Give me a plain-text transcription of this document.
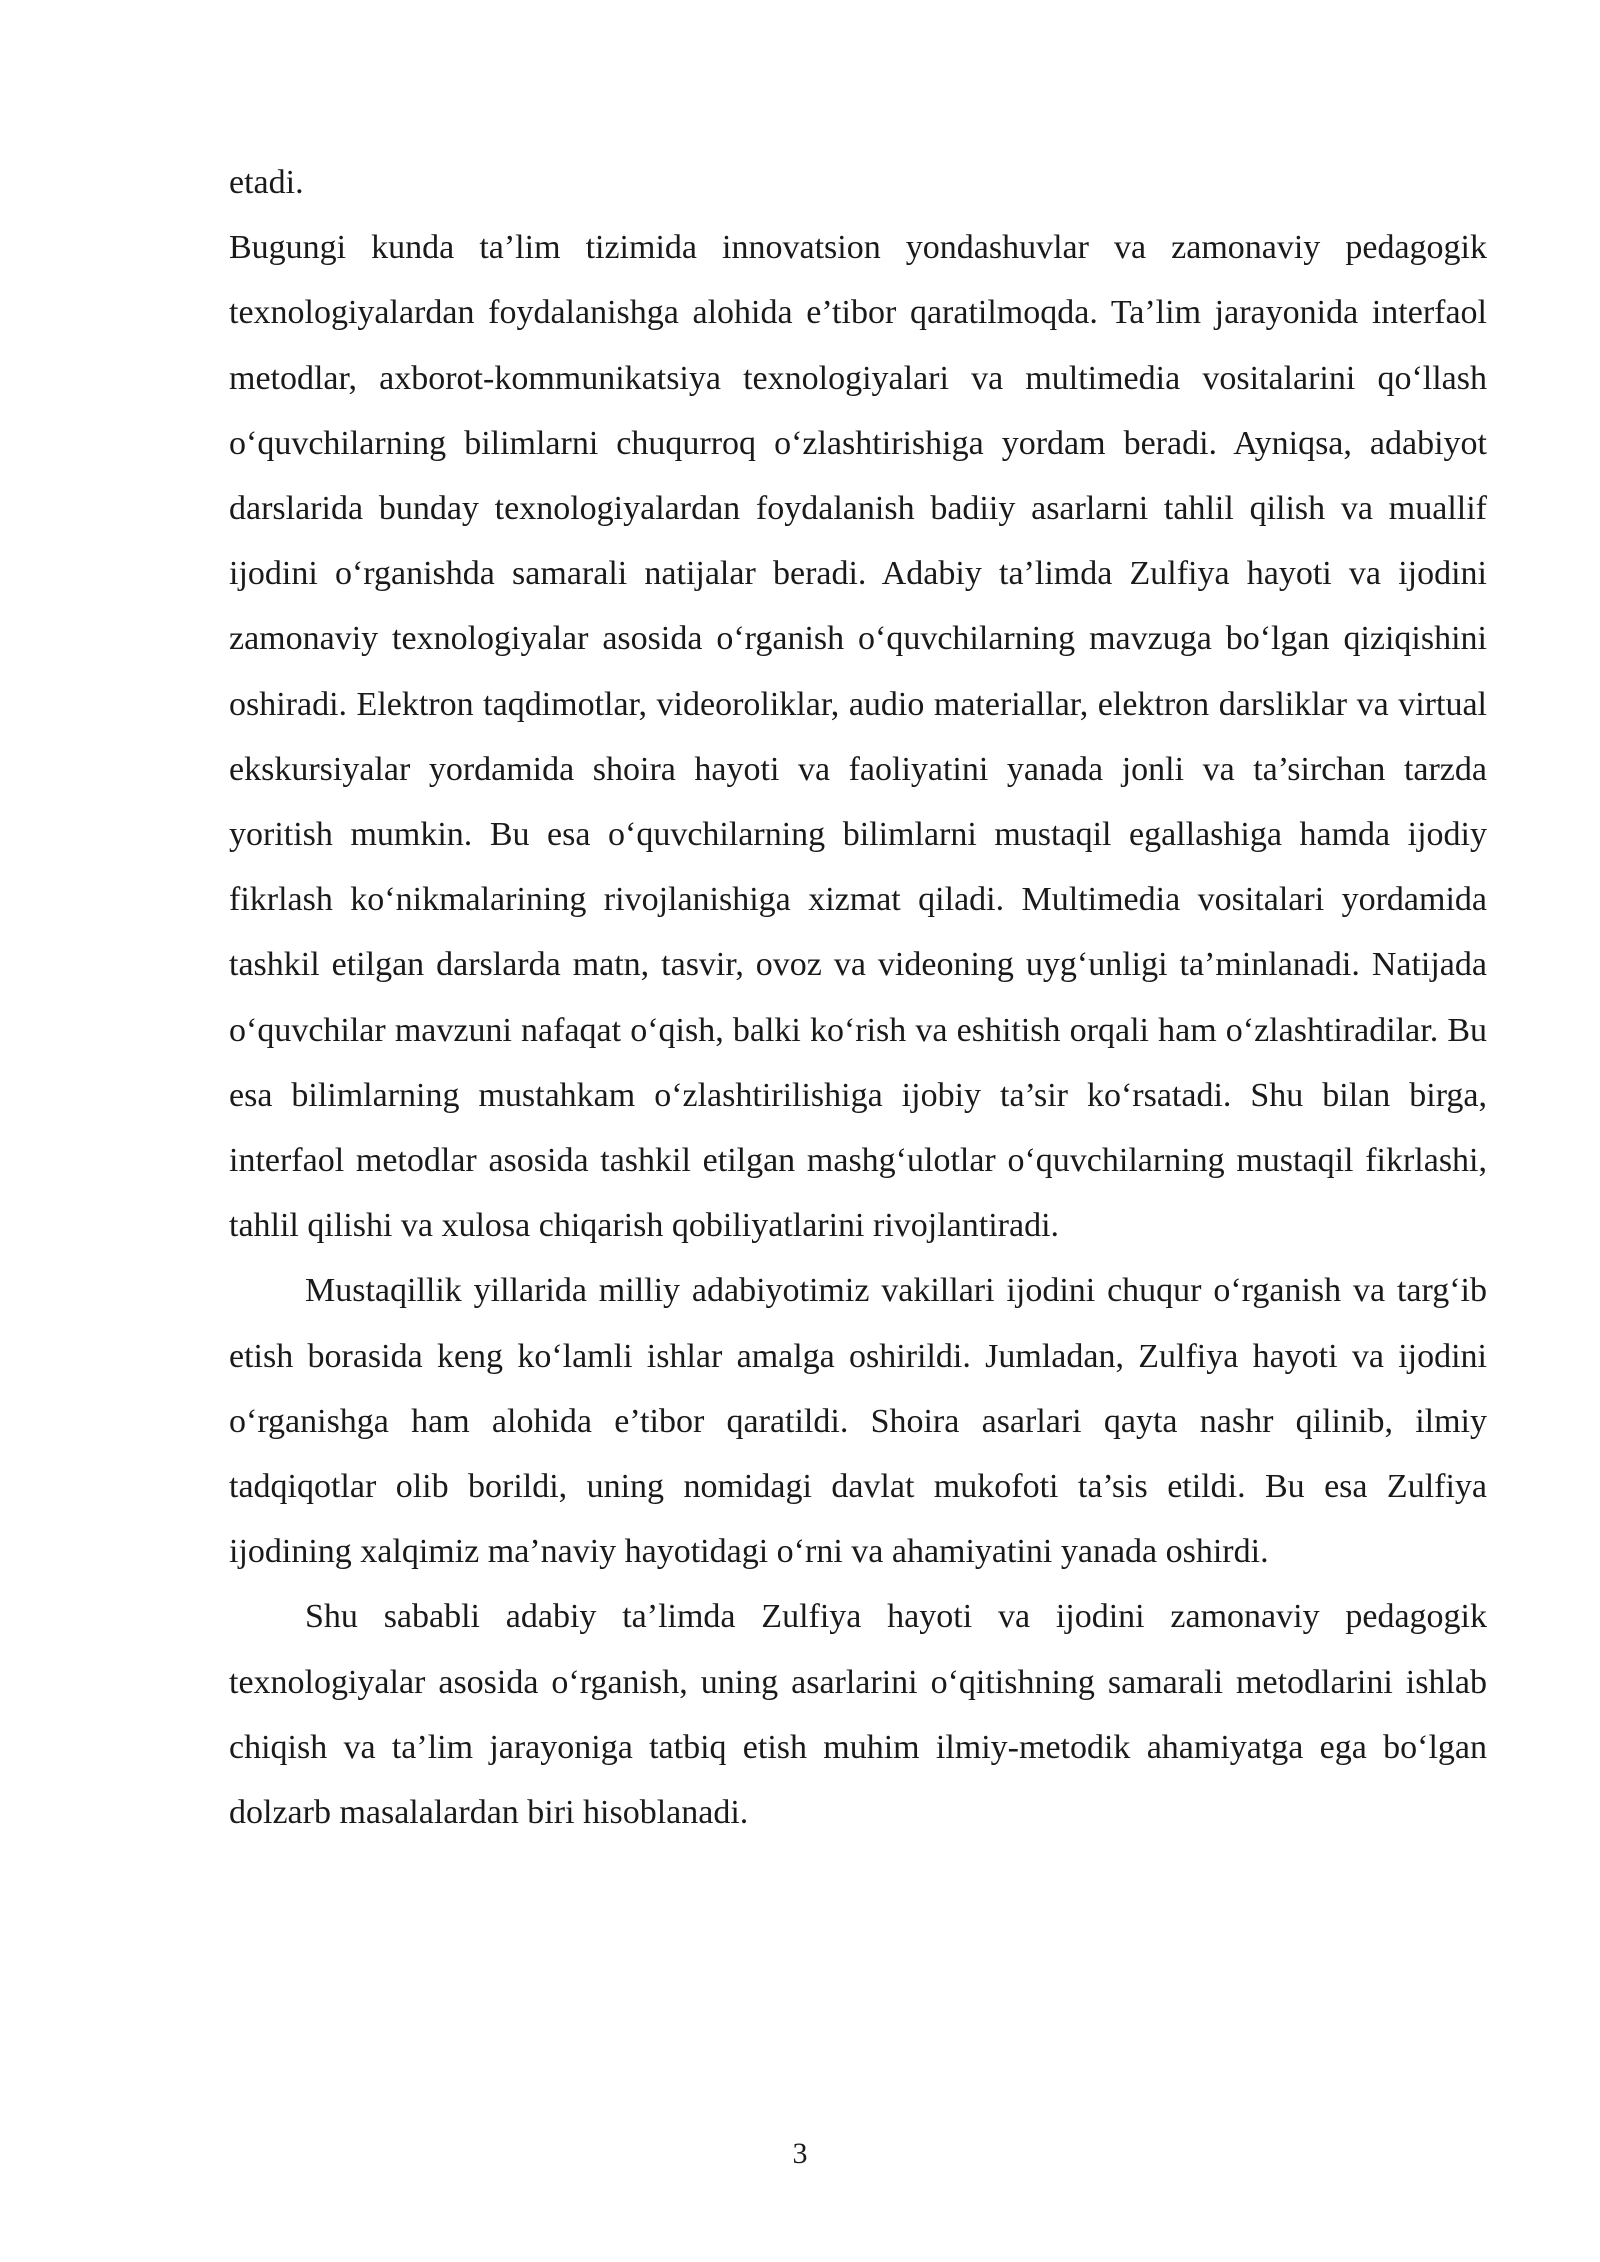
etadi.

Bugungi kunda ta’lim tizimida innovatsion yondashuvlar va zamonaviy pedagogik texnologiyalardan foydalanishga alohida e’tibor qaratilmoqda. Ta’lim jarayonida interfaol metodlar, axborot-kommunikatsiya texnologiyalari va multimedia vositalarini qo‘llash o‘quvchilarning bilimlarni chuqurroq o‘zlashtirishiga yordam beradi. Ayniqsa, adabiyot darslarida bunday texnologiyalardan foydalanish badiiy asarlarni tahlil qilish va muallif ijodini o‘rganishda samarali natijalar beradi. Adabiy ta’limda Zulfiya hayoti va ijodini zamonaviy texnologiyalar asosida o‘rganish o‘quvchilarning mavzuga bo‘lgan qiziqishini oshiradi. Elektron taqdimotlar, videoroliklar, audio materiallar, elektron darsliklar va virtual ekskursiyalar yordamida shoira hayoti va faoliyatini yanada jonli va ta’sirchan tarzda yoritish mumkin. Bu esa o‘quvchilarning bilimlarni mustaqil egallashiga hamda ijodiy fikrlash ko‘nikmalarining rivojlanishiga xizmat qiladi. Multimedia vositalari yordamida tashkil etilgan darslarda matn, tasvir, ovoz va videoning uyg‘unligi ta’minlanadi. Natijada o‘quvchilar mavzuni nafaqat o‘qish, balki ko‘rish va eshitish orqali ham o‘zlashtiradilar. Bu esa bilimlarning mustahkam o‘zlashtirilishiga ijobiy ta’sir ko‘rsatadi. Shu bilan birga, interfaol metodlar asosida tashkil etilgan mashg‘ulotlar o‘quvchilarning mustaqil fikrlashi, tahlil qilishi va xulosa chiqarish qobiliyatlarini rivojlantiradi.

Mustaqillik yillarida milliy adabiyotimiz vakillari ijodini chuqur o‘rganish va targ‘ib etish borasida keng ko‘lamli ishlar amalga oshirildi. Jumladan, Zulfiya hayoti va ijodini o‘rganishga ham alohida e’tibor qaratildi. Shoira asarlari qayta nashr qilinib, ilmiy tadqiqotlar olib borildi, uning nomidagi davlat mukofoti ta’sis etildi. Bu esa Zulfiya ijodining xalqimiz ma’naviy hayotidagi o‘rni va ahamiyatini yanada oshirdi.

Shu sababli adabiy ta’limda Zulfiya hayoti va ijodini zamonaviy pedagogik texnologiyalar asosida o‘rganish, uning asarlarini o‘qitishning samarali metodlarini ishlab chiqish va ta’lim jarayoniga tatbiq etish muhim ilmiy-metodik ahamiyatga ega bo‘lgan dolzarb masalalardan biri hisoblanadi.

3
